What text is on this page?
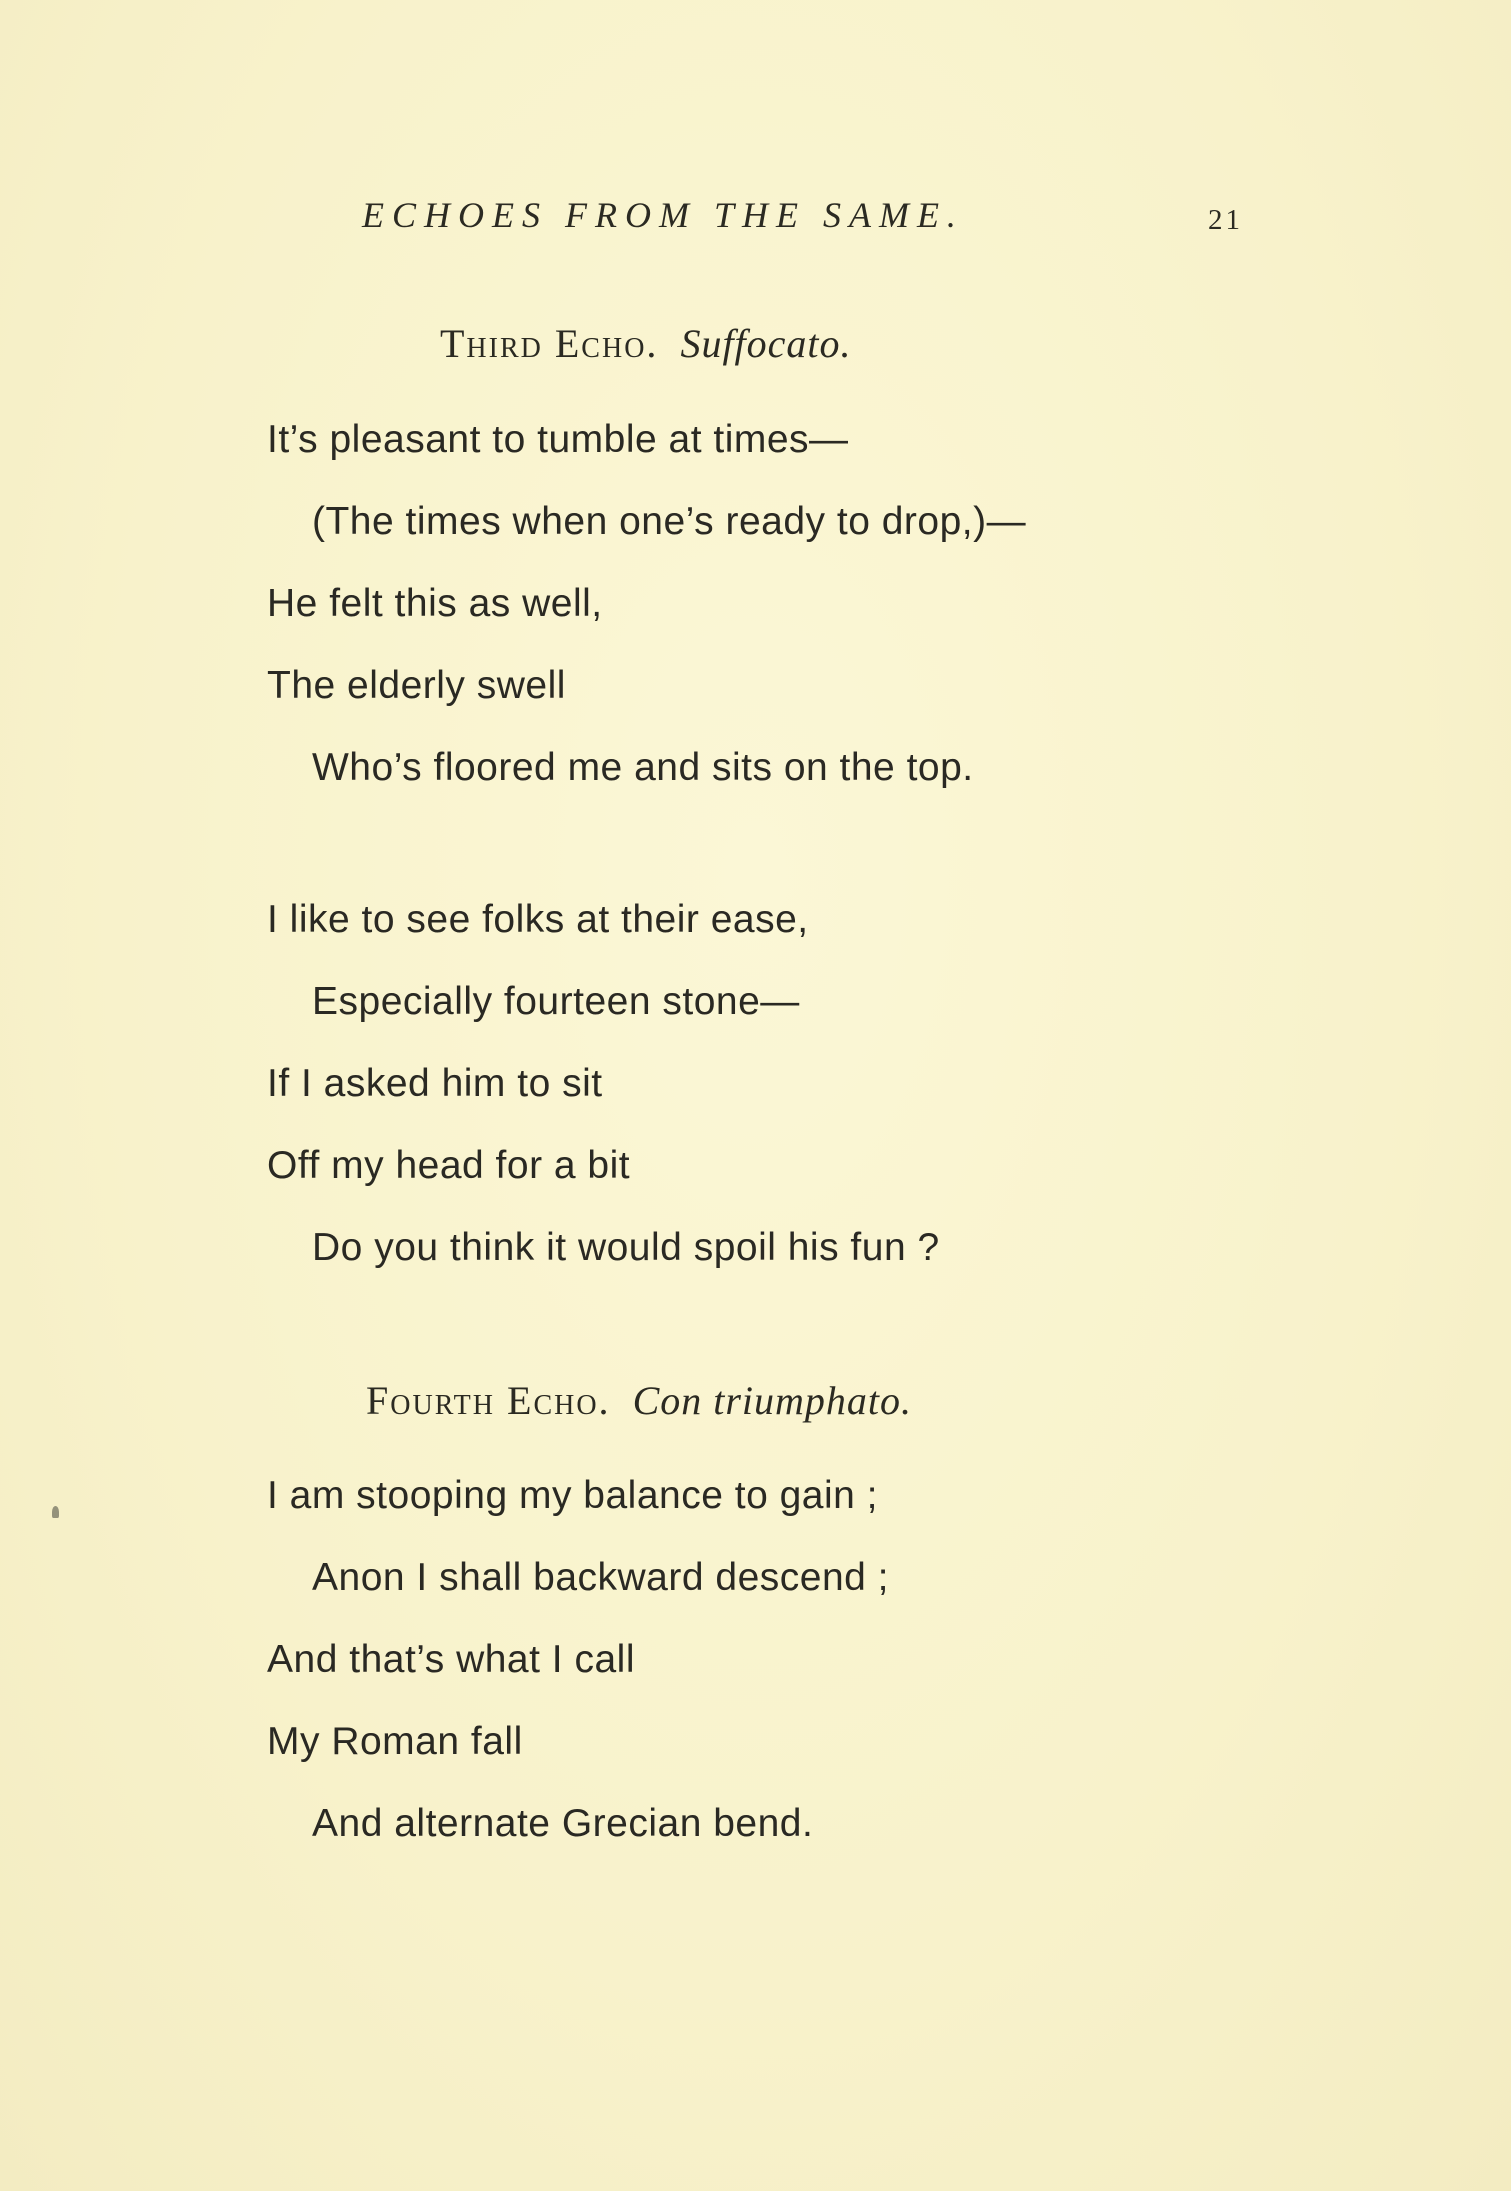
ECHOES FROM THE SAME.	21
Third Echo. Suffocato.
It’s pleasant to tumble at times—
(The times when one’s ready to drop,)—
He felt this as well,
The elderly swell
Who’s floored me and sits on the top.
I like to see folks at their ease,
Especially fourteen stone—
If I asked him to sit
Off my head for a bit
Do you think it would spoil his fun ?
Fourth Echo. Con triumphato.
I am stooping my balance to gain ;
Anon I shall backward descend ;
And that’s what I call
My Roman fall
And alternate Grecian bend.
